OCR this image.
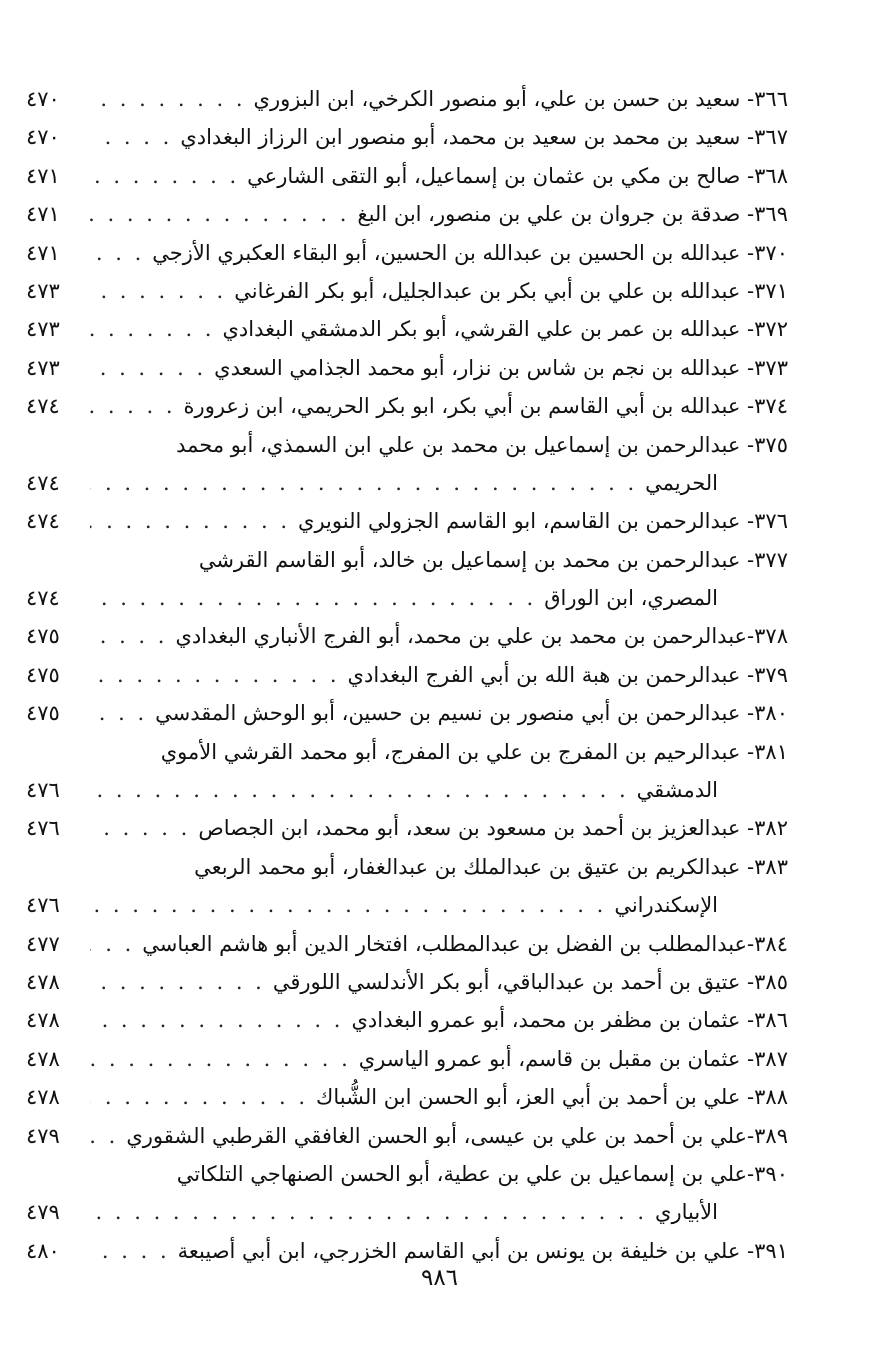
٣٦٦- سعيد بن حسن بن علي، أبو منصور الكرخي، ابن البزوري
. . .
٤٧٠
٣٦٧- سعيد بن محمد بن سعيد بن محمد، أبو منصور ابن الرزاز البغدادي
. . .
٤٧٠
٣٦٨- صالح بن مكي بن عثمان بن إسماعيل، أبو التقى الشارعي
. . .
٤٧١
٣٦٩- صدقة بن جروان بن علي بن منصور، ابن البغ
. . .
٤٧١
٣٧٠- عبدالله بن الحسين بن عبدالله بن الحسين، أبو البقاء العكبري الأزجي
. . .
٤٧١
٣٧١- عبدالله بن علي بن أبي بكر بن عبدالجليل، أبو بكر الفرغاني
. . .
٤٧٣
٣٧٢- عبدالله بن عمر بن علي القرشي، أبو بكر الدمشقي البغدادي
. . .
٤٧٣
٣٧٣- عبدالله بن نجم بن شاس بن نزار، أبو محمد الجذامي السعدي
. . .
٤٧٣
٣٧٤- عبدالله بن أبي القاسم بن أبي بكر، ابو بكر الحريمي، ابن زعرورة
. . .
٤٧٤
٣٧٥- عبدالرحمن بن إسماعيل بن محمد بن علي ابن السمذي، أبو محمد
الحريمي
. . .
٤٧٤
٣٧٦- عبدالرحمن بن القاسم، ابو القاسم الجزولي النويري
. . .
٤٧٤
٣٧٧- عبدالرحمن بن محمد بن إسماعيل بن خالد، أبو القاسم القرشي
المصري، ابن الوراق
. . .
٤٧٤
٣٧٨-عبدالرحمن بن محمد بن علي بن محمد، أبو الفرج الأنباري البغدادي
. . .
٤٧٥
٣٧٩- عبدالرحمن بن هبة الله بن أبي الفرج البغدادي
. . .
٤٧٥
٣٨٠- عبدالرحمن بن أبي منصور بن نسيم بن حسين، أبو الوحش المقدسي
. . .
٤٧٥
٣٨١- عبدالرحيم بن المفرج بن علي بن المفرج، أبو محمد القرشي الأموي
الدمشقي
. . .
٤٧٦
٣٨٢- عبدالعزيز بن أحمد بن مسعود بن سعد، أبو محمد، ابن الجصاص
. . .
٤٧٦
٣٨٣- عبدالكريم بن عتيق بن عبدالملك بن عبدالغفار، أبو محمد الربعي
الإسكندراني
. . .
٤٧٦
٣٨٤-عبدالمطلب بن الفضل بن عبدالمطلب، افتخار الدين أبو هاشم العباسي
. . .
٤٧٧
٣٨٥- عتيق بن أحمد بن عبدالباقي، أبو بكر الأندلسي اللورقي
. . .
٤٧٨
٣٨٦- عثمان بن مظفر بن محمد، أبو عمرو البغدادي
. . .
٤٧٨
٣٨٧- عثمان بن مقبل بن قاسم، أبو عمرو الياسري
. . .
٤٧٨
٣٨٨- علي بن أحمد بن أبي العز، أبو الحسن ابن الشُّباك
. . .
٤٧٨
٣٨٩-علي بن أحمد بن علي بن عيسى، أبو الحسن الغافقي القرطبي الشقوري
. . .
٤٧٩
٣٩٠-علي بن إسماعيل بن علي بن عطية، أبو الحسن الصنهاجي التلكاتي
الأبياري
. . .
٤٧٩
٣٩١- علي بن خليفة بن يونس بن أبي القاسم الخزرجي، ابن أبي أصيبعة
. . .
٤٨٠
٩٨٦
